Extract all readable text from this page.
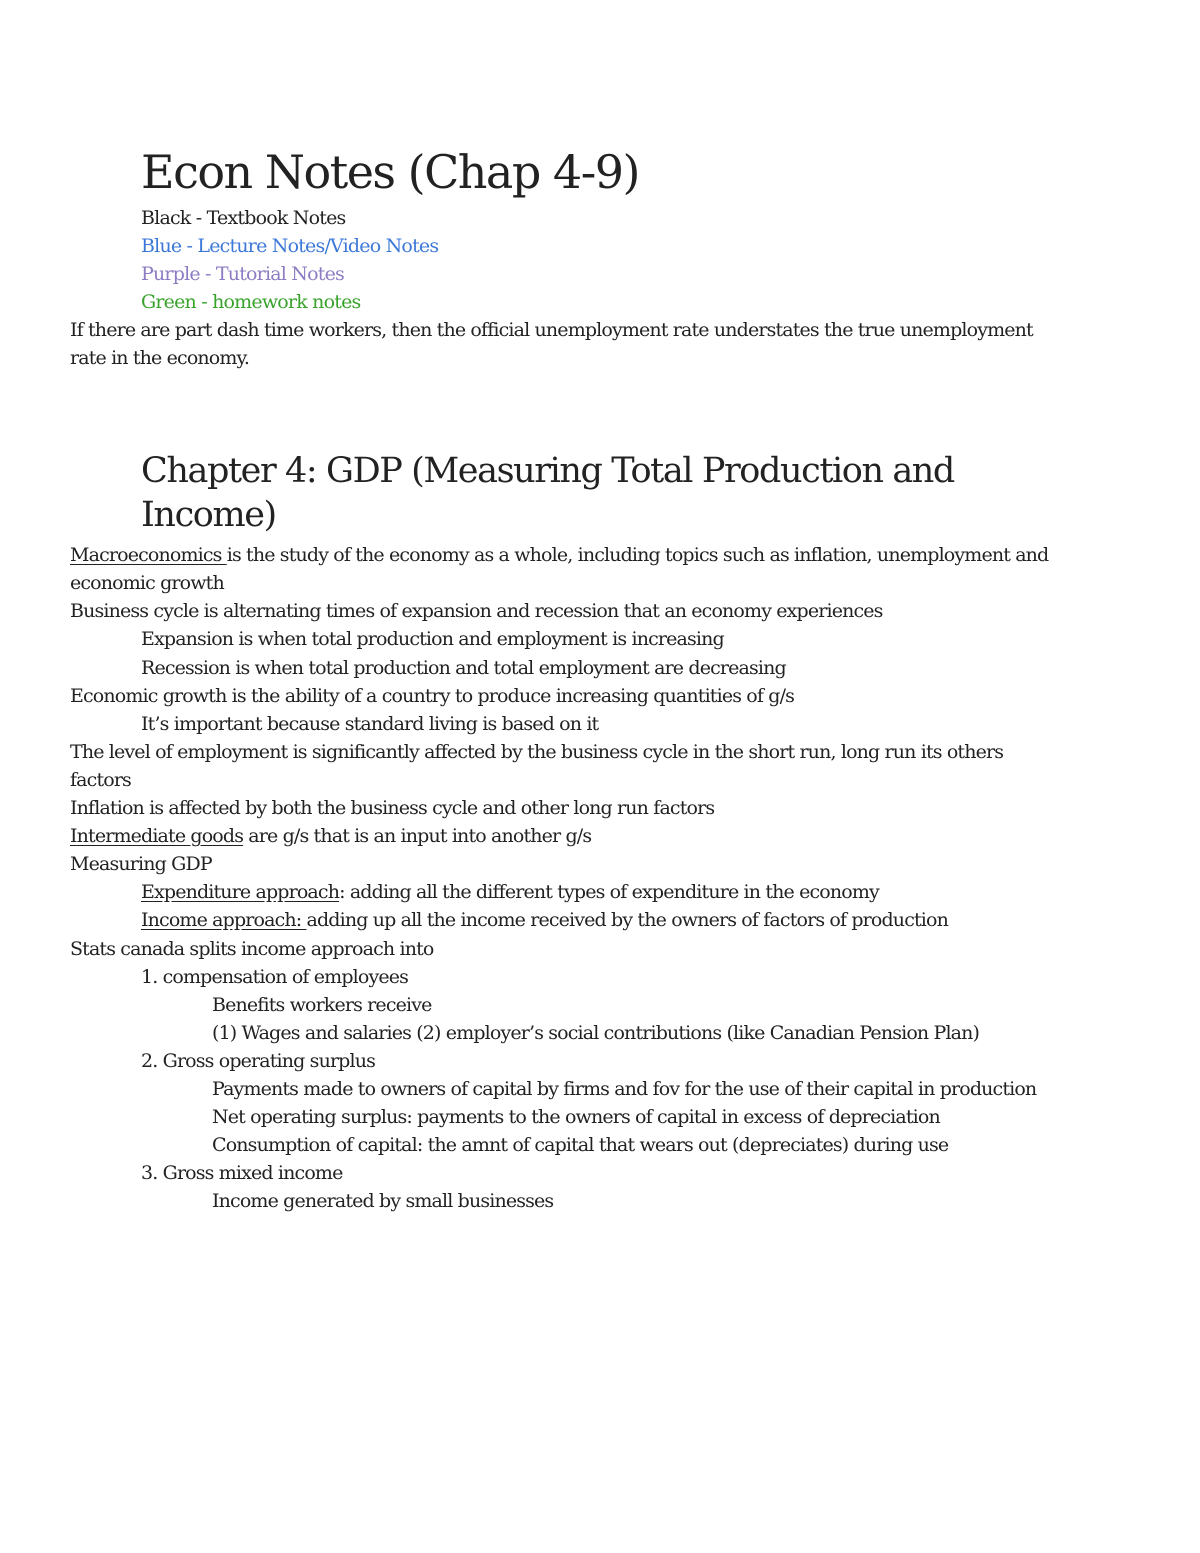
Econ Notes (Chap 4-9)
Black - Textbook Notes
Blue - Lecture Notes/Video Notes
Purple - Tutorial Notes
Green - homework notes
- If there are part dash time workers, then the official unemployment rate understates the true unemployment rate in the economy.
Chapter 4: GDP (Measuring Total Production and Income)
- Macroeconomics is the study of the economy as a whole, including topics such as inflation, unemployment and economic growth
- Business cycle is alternating times of expansion and recession that an economy experiences
- Expansion is when total production and employment is increasing
- Recession is when total production and total employment are decreasing
- Economic growth is the ability of a country to produce increasing quantities of g/s
- It’s important because standard living is based on it
- The level of employment is significantly affected by the business cycle in the short run, long run its others factors
- Inflation is affected by both the business cycle and other long run factors
- Intermediate goods are g/s that is an input into another g/s
- Measuring GDP
- Expenditure approach: adding all the different types of expenditure in the economy
- Income approach: adding up all the income received by the owners of factors of production
- Stats canada splits income approach into
- 1. compensation of employees
- Benefits workers receive
- (1) Wages and salaries (2) employer’s social contributions (like Canadian Pension Plan)
- 2. Gross operating surplus
- Payments made to owners of capital by firms and fov for the use of their capital in production
- Net operating surplus: payments to the owners of capital in excess of depreciation
- Consumption of capital: the amnt of capital that wears out (depreciates) during use
- 3. Gross mixed income
- Income generated by small businesses
